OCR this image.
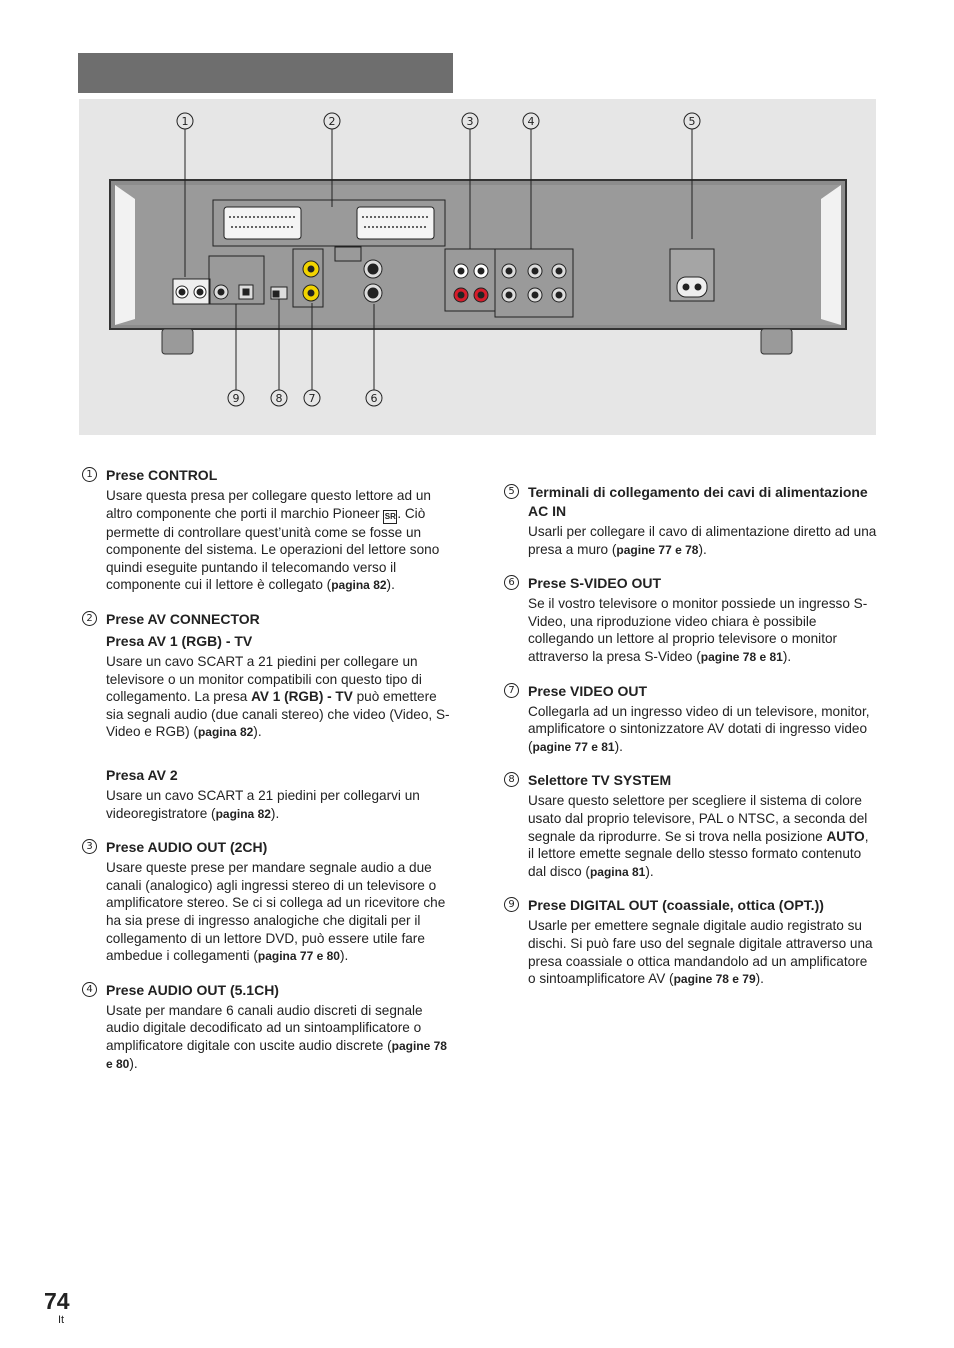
1	2	3	4	5
6
7
8
9
1 Prese CONTROL
Usare questa presa per collegare questo lettore ad un altro componente che porti il marchio Pioneer SR. Ciò permette di controllare quest’unità come se fosse un componente del sistema. Le operazioni del lettore sono quindi eseguite puntando il telecomando verso il componente cui il lettore è collegato (pagina 82).
2 Prese AV CONNECTOR
Presa AV 1 (RGB) - TV
Usare un cavo SCART a 21 piedini per collegare un televisore o un monitor compatibili con questo tipo di collegamento. La presa AV 1 (RGB) - TV può emettere sia segnali audio (due canali stereo) che video (Video, S-Video e RGB) (pagina 82).
Presa AV 2
Usare un cavo SCART a 21 piedini per collegarvi un videoregistratore (pagina 82).
3 Prese AUDIO OUT (2CH)
Usare queste prese per mandare segnale audio a due canali (analogico) agli ingressi stereo di un televisore o amplificatore stereo. Se ci si collega ad un ricevitore che ha sia prese di ingresso analogiche che digitali per il collegamento di un lettore DVD, può essere utile fare ambedue i collegamenti (pagina 77 e 80).
4 Prese AUDIO OUT (5.1CH)
Usate per mandare 6 canali audio discreti di segnale audio digitale decodificato ad un sintoamplificatore o amplificatore digitale con uscite audio discrete (pagine 78 e 80).
5 Terminali di collegamento dei cavi di alimentazione AC IN
Usarli per collegare il cavo di alimentazione diretto ad una presa a muro (pagine 77 e 78).
6 Prese S-VIDEO OUT
Se il vostro televisore o monitor possiede un ingresso S-Video, una riproduzione video chiara è possibile collegando un lettore al proprio televisore o monitor attraverso la presa S-Video (pagine 78 e 81).
7 Prese VIDEO OUT
Collegarla ad un ingresso video di un televisore, monitor, amplificatore o sintonizzatore AV dotati di ingresso video (pagine 77 e 81).
8 Selettore TV SYSTEM
Usare questo selettore per scegliere il sistema di colore usato dal proprio televisore, PAL o NTSC, a seconda del segnale da riprodurre. Se si trova nella posizione AUTO, il lettore emette segnale dello stesso formato contenuto dal disco (pagina 81).
9 Prese DIGITAL OUT (coassiale, ottica (OPT.))
Usarle per emettere segnale digitale audio registrato su dischi. Si può fare uso del segnale digitale attraverso una presa coassiale o ottica mandandolo ad un amplificatore o sintoamplificatore AV (pagine 78 e 79).
74
It
